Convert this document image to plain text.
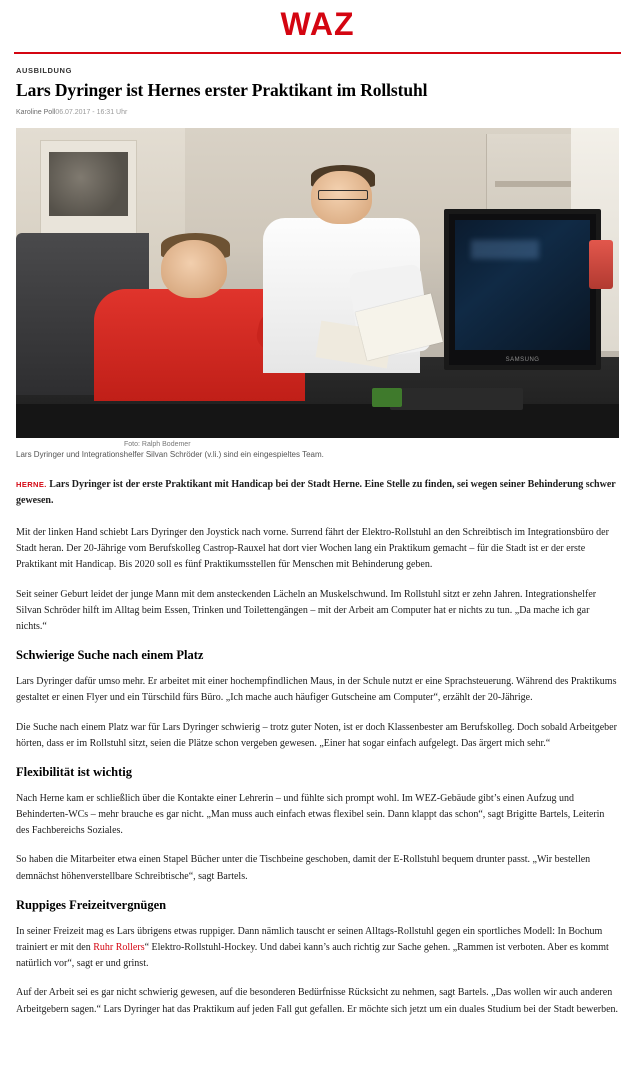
WAZ
AUSBILDUNG
Lars Dyringer ist Hernes erster Praktikant im Rollstuhl
Karoline Poll06.07.2017 - 16:31 Uhr
SAMSUNG
Foto: Ralph Bodemer
Lars Dyringer und Integrationshelfer Silvan Schröder (v.li.) sind ein eingespieltes Team.

HERNE. Lars Dyringer ist der erste Praktikant mit Handicap bei der Stadt Herne. Eine Stelle zu finden, sei wegen seiner Behinderung schwer gewesen.

Mit der linken Hand schiebt Lars Dyringer den Joystick nach vorne. Surrend fährt der Elektro-Rollstuhl an den Schreibtisch im Integrationsbüro der Stadt heran. Der 20-Jährige vom Berufskolleg Castrop-Rauxel hat dort vier Wochen lang ein Praktikum gemacht – für die Stadt ist er der erste Praktikant mit Handicap. Bis 2020 soll es fünf Praktikumsstellen für Menschen mit Behinderung geben.

Seit seiner Geburt leidet der junge Mann mit dem ansteckenden Lächeln an Muskelschwund. Im Rollstuhl sitzt er zehn Jahren. Integrationshelfer Silvan Schröder hilft im Alltag beim Essen, Trinken und Toilettengängen – mit der Arbeit am Computer hat er nichts zu tun. „Da mache ich gar nichts.“

Schwierige Suche nach einem Platz

Lars Dyringer dafür umso mehr. Er arbeitet mit einer hochempfindlichen Maus, in der Schule nutzt er eine Sprachsteuerung. Während des Praktikums gestaltet er einen Flyer und ein Türschild fürs Büro. „Ich mache auch häufiger Gutscheine am Computer“, erzählt der 20-Jährige.

Die Suche nach einem Platz war für Lars Dyringer schwierig – trotz guter Noten, ist er doch Klassenbester am Berufskolleg. Doch sobald Arbeitgeber hörten, dass er im Rollstuhl sitzt, seien die Plätze schon vergeben gewesen. „Einer hat sogar einfach aufgelegt. Das ärgert mich sehr.“

Flexibilität ist wichtig

Nach Herne kam er schließlich über die Kontakte einer Lehrerin – und fühlte sich prompt wohl. Im WEZ-Gebäude gibt’s einen Aufzug und Behinderten-WCs – mehr brauche es gar nicht. „Man muss auch einfach etwas flexibel sein. Dann klappt das schon“, sagt Brigitte Bartels, Leiterin des Fachbereichs Soziales.

So haben die Mitarbeiter etwa einen Stapel Bücher unter die Tischbeine geschoben, damit der E-Rollstuhl bequem drunter passt. „Wir bestellen demnächst höhenverstellbare Schreibtische“, sagt Bartels.

Ruppiges Freizeitvergnügen

In seiner Freizeit mag es Lars übrigens etwas ruppiger. Dann nämlich tauscht er seinen Alltags-Rollstuhl gegen ein sportliches Modell: In Bochum trainiert er mit den Ruhr Rollers“ Elektro-Rollstuhl-Hockey. Und dabei kann’s auch richtig zur Sache gehen. „Rammen ist verboten. Aber es kommt natürlich vor“, sagt er und grinst.

Auf der Arbeit sei es gar nicht schwierig gewesen, auf die besonderen Bedürfnisse Rücksicht zu nehmen, sagt Bartels. „Das wollen wir auch anderen Arbeitgebern sagen.“ Lars Dyringer hat das Praktikum auf jeden Fall gut gefallen. Er möchte sich jetzt um ein duales Studium bei der Stadt bewerben.
